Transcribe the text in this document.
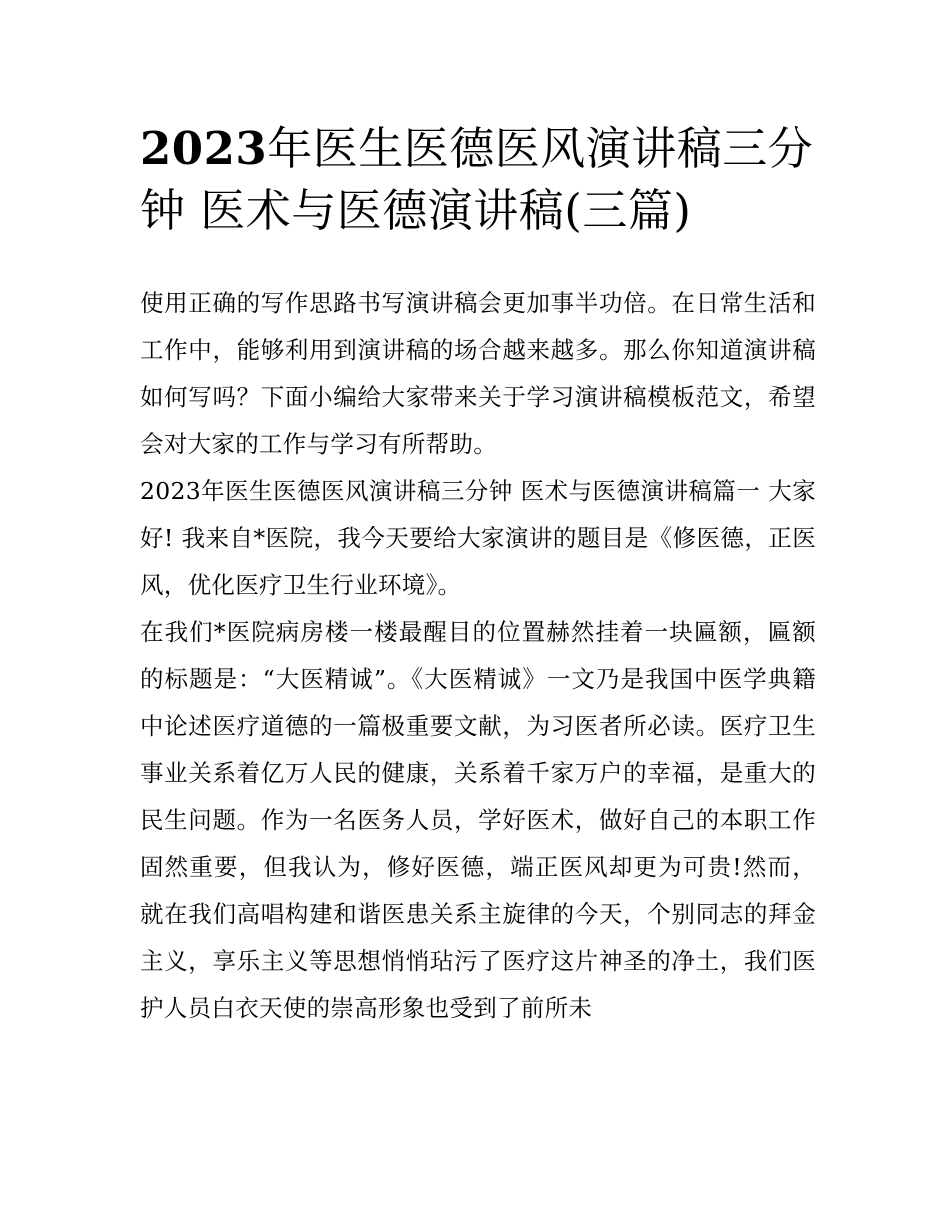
2023年医生医德医风演讲稿三分钟 医术与医德演讲稿(三篇)

使用正确的写作思路书写演讲稿会更加事半功倍。在日常生活和工作中，能够利用到演讲稿的场合越来越多。那么你知道演讲稿如何写吗？下面小编给大家带来关于学习演讲稿模板范文，希望会对大家的工作与学习有所帮助。

2023年医生医德医风演讲稿三分钟 医术与医德演讲稿篇一 大家好! 我来自*医院，我今天要给大家演讲的题目是《修医德，正医风，优化医疗卫生行业环境》。

在我们*医院病房楼一楼最醒目的位置赫然挂着一块匾额，匾额的标题是：“大医精诚”。《大医精诚》一文乃是我国中医学典籍中论述医疗道德的一篇极重要文献，为习医者所必读。医疗卫生事业关系着亿万人民的健康，关系着千家万户的幸福，是重大的民生问题。作为一名医务人员，学好医术，做好自己的本职工作固然重要，但我认为，修好医德，端正医风却更为可贵!然而，就在我们高唱构建和谐医患关系主旋律的今天，个别同志的拜金主义，享乐主义等思想悄悄玷污了医疗这片神圣的净土，我们医护人员白衣天使的崇高形象也受到了前所未
